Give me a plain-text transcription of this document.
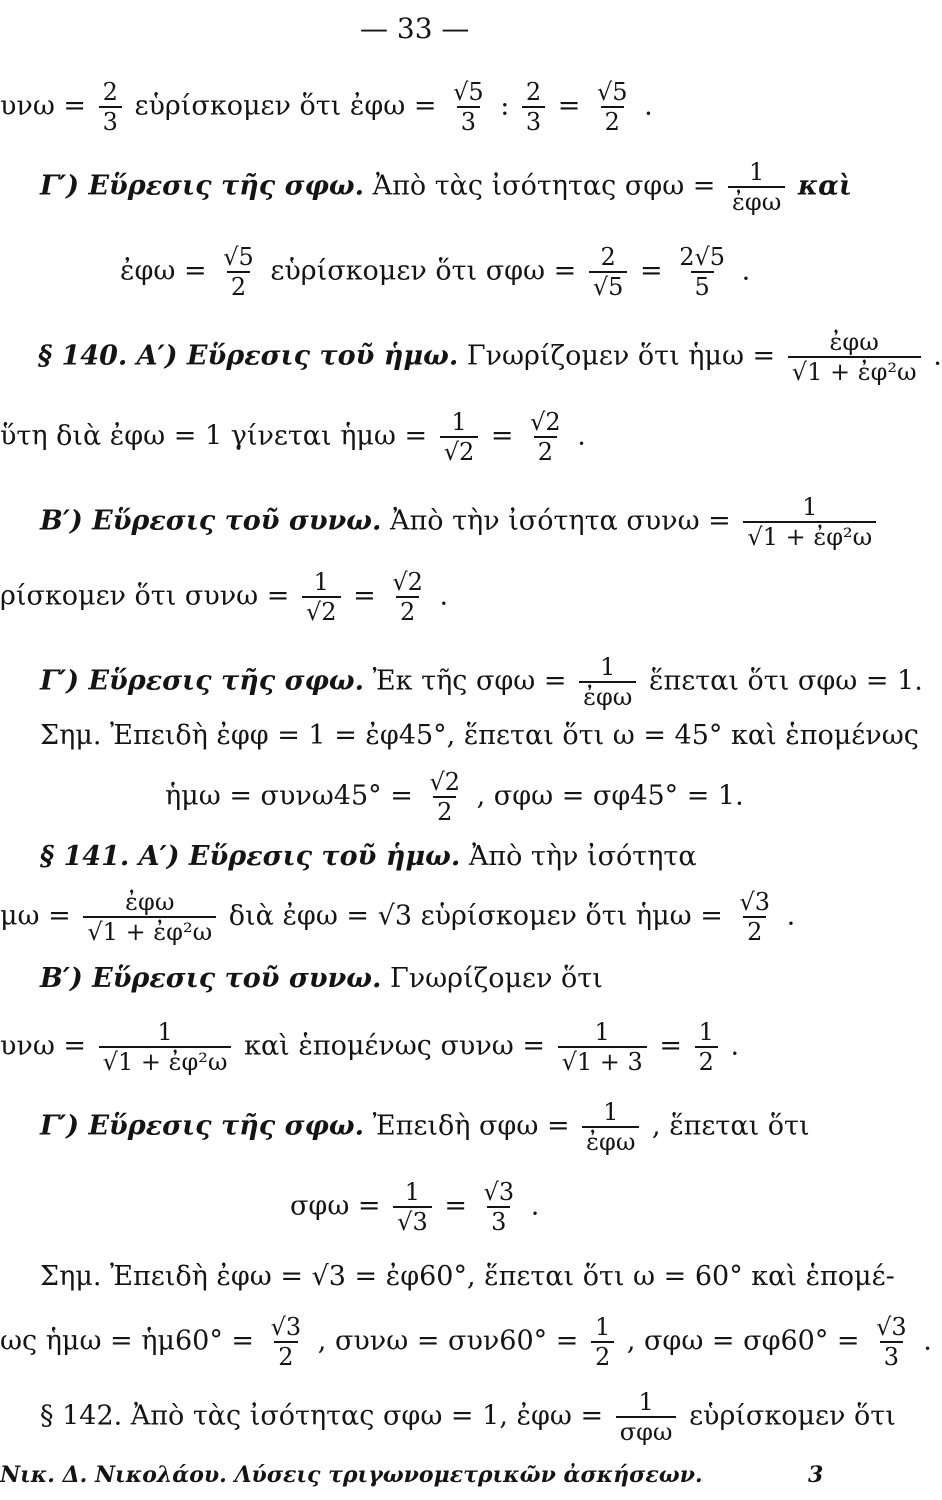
— 33 —
$\upsilon\nu\omega = \frac{2}{3}$ εὑρίσκομεν ὅτι ἐφω = $\frac{√5}{3}$ : $\frac{2}{3} = \frac{√5}{2}$ .
Γ′) Εὕρεσις τῆς σφω. Ἀπὸ τὰς ἰσότητας $\sigma\varphi\omega = \frac{1}{\text{ἐφω}}$ καὶ
ἐφω = $\frac{√5}{2}$ εὑρίσκομεν ὅτι $\sigma\varphi\omega = \frac{2}{√5} = \frac{2√5}{5}$ .
§ 140. Α′) Εὕρεσις τοῦ ἡμω. Γνωρίζομεν ὅτι ἡμω = $\frac{\text{ἐφω}}{\text{√1 + ἐφ²ω}}$ .
ὕτη διὰ ἐφω = 1 γίνεται ἡμω = $\frac{1}{√2} = \frac{√2}{2}$ .
Β′) Εὕρεσις τοῦ συνω. Ἀπὸ τὴν ἰσότητα $\sigma\upsilon\nu\omega = \frac{1}{\text{√1 + ἐφ²ω}}$
ρίσκομεν ὅτι $\sigma\upsilon\nu\omega = \frac{1}{√2} = \frac{√2}{2}$ .
Γ′) Εὕρεσις τῆς σφω. Ἐκ τῆς $\sigma\varphi\omega = \frac{1}{\text{ἐφω}}$ ἕπεται ὅτι σφω = 1.
Σημ. Ἐπειδὴ ἐφφ = 1 = ἐφ45°, ἕπεται ὅτι ω = 45° καὶ ἑπομένως
ἡμω = $\sigma\upsilon\nu\omega 45^\circ = \frac{√2}{2}$ , σφω = σφ45° = 1.
§ 141. Α′) Εὕρεσις τοῦ ἡμω. Ἀπὸ τὴν ἰσότητα
$\mu\omega = \frac{\text{ἐφω}}{\text{√1 + ἐφ²ω}}$ διὰ ἐφω = √3 εὑρίσκομεν ὅτι ἡμω = $\frac{√3}{2}$ .
Β′) Εὕρεσις τοῦ συνω. Γνωρίζομεν ὅτι
$\upsilon\nu\omega = \frac{1}{\text{√1 + ἐφ²ω}}$ καὶ ἑπομένως $\sigma\upsilon\nu\omega = \frac{1}{√1 + 3} = \frac{1}{2}$ .
Γ′) Εὕρεσις τῆς σφω. Ἐπειδὴ $\sigma\varphi\omega = \frac{1}{\text{ἐφω}}$ , ἕπεται ὅτι
$\sigma\varphi\omega = \frac{1}{√3} = \frac{√3}{3}$ .
Σημ. Ἐπειδὴ ἐφω = √3 = ἐφ60°, ἕπεται ὅτι ω = 60° καὶ ἑπομέ-
ως ἡμω = ἡμ60° = $\frac{√3}{2}$ , $\sigma\upsilon\nu\omega = \sigma\upsilon\nu 60^\circ = \frac{1}{2}$ , $\sigma\varphi\omega = \sigma\varphi 60^\circ = \frac{√3}{3}$ .
§ 142. Ἀπὸ τὰς ἰσότητας σφω = 1, ἐφω = $\frac{1}{\text{σφω}}$ εὑρίσκομεν ὅτι
Νικ. Δ. Νικολάου. Λύσεις τριγωνομετρικῶν ἀσκήσεων.	3
